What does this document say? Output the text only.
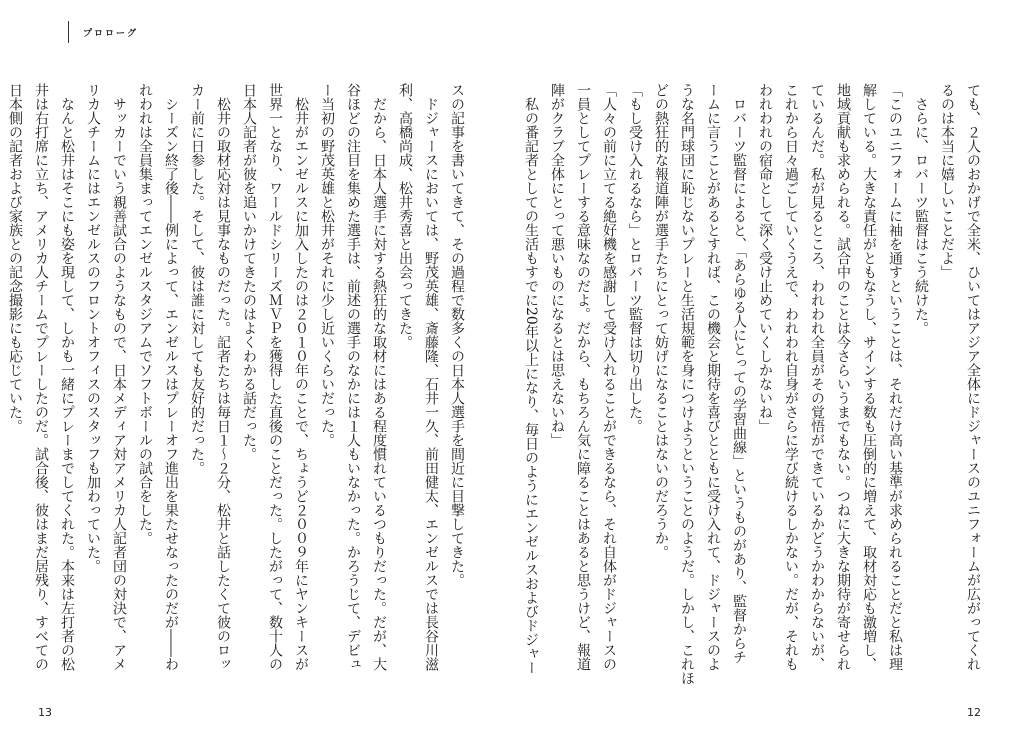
プロローグ

ても、２人のおかげで全米、ひいてはアジア全体にドジャースのユニフォームが広がってくれ

るのは本当に嬉しいことだよ」

　さらに、ロバーツ監督はこう続けた。

「このユニフォームに袖を通すということは、それだけ高い基準が求められることだと私は理

解している。大きな責任がともなうし、サインする数も圧倒的に増えて、取材対応も激増し、

地域貢献も求められる。試合中のことは今さらいうまでもない。つねに大きな期待が寄せられ

ているんだ。私が見るところ、われわれ全員がその覚悟ができているかどうかわからないが、

これから日々過ごしていくうえで、われわれ自身がさらに学び続けるしかない。だが、それも

われわれの宿命として深く受け止めていくしかないね」

　ロバーツ監督によると、「あらゆる人にとっての学習曲線」というものがあり、監督からチ

ームに言うことがあるとすれば、この機会と期待を喜びとともに受け入れて、ドジャースのよ

うな名門球団に恥じないプレーと生活規範を身につけようということのようだ。しかし、これほ

どの熱狂的な報道陣が選手たちにとって妨げになることはないのだろうか。

「もし受け入れるなら」とロバーツ監督は切り出した。

「人々の前に立てる絶好機を感謝して受け入れることができるなら、それ自体がドジャースの

一員としてプレーする意味なのだよ。だから、もちろん気に障ることはあると思うけど、報道

陣がクラブ全体にとって悪いものになるとは思えないね」

　私の番記者としての生活もすでに20年以上になり、毎日のようにエンゼルスおよびドジャー

スの記事を書いてきて、その過程で数多くの日本人選手を間近に目撃してきた。

　ドジャースにおいては、野茂英雄、斎藤隆、石井一久、前田健太、エンゼルスでは長谷川滋

利、高橋尚成、松井秀喜と出会ってきた。

　だから、日本人選手に対する熱狂的な取材にはある程度慣れているつもりだった。だが、大

谷ほどの注目を集めた選手は、前述の選手のなかには１人もいなかった。かろうじて、デビュ

ー当初の野茂英雄と松井がそれに少し近いくらいだった。

　松井がエンゼルスに加入したのは２０１０年のことで、ちょうど２００９年にヤンキースが

世界一となり、ワールドシリーズＭＶＰを獲得した直後のことだった。したがって、数十人の

日本人記者が彼を追いかけてきたのはよくわかる話だった。

　松井の取材応対は見事なものだった。記者たちは毎日１〜２分、松井と話したくて彼のロッ

カー前に日参した。そして、彼は誰に対しても友好的だった。

　シーズン終了後――例によって、エンゼルスはプレーオフ進出を果たせなったのだが――わ

れわれは全員集まってエンゼルスタジアムでソフトボールの試合をした。

　サッカーでいう親善試合のようなもので、日本メディア対アメリカ人記者団の対決で、アメ

リカ人チームにはエンゼルスのフロントオフィスのスタッフも加わっていた。

　なんと松井はそこにも姿を現して、しかも一緒にプレーまでしてくれた。本来は左打者の松

井は右打席に立ち、アメリカ人チームでプレーしたのだ。試合後、彼はまだ居残り、すべての

日本側の記者および家族との記念撮影にも応じていた。

13	12
